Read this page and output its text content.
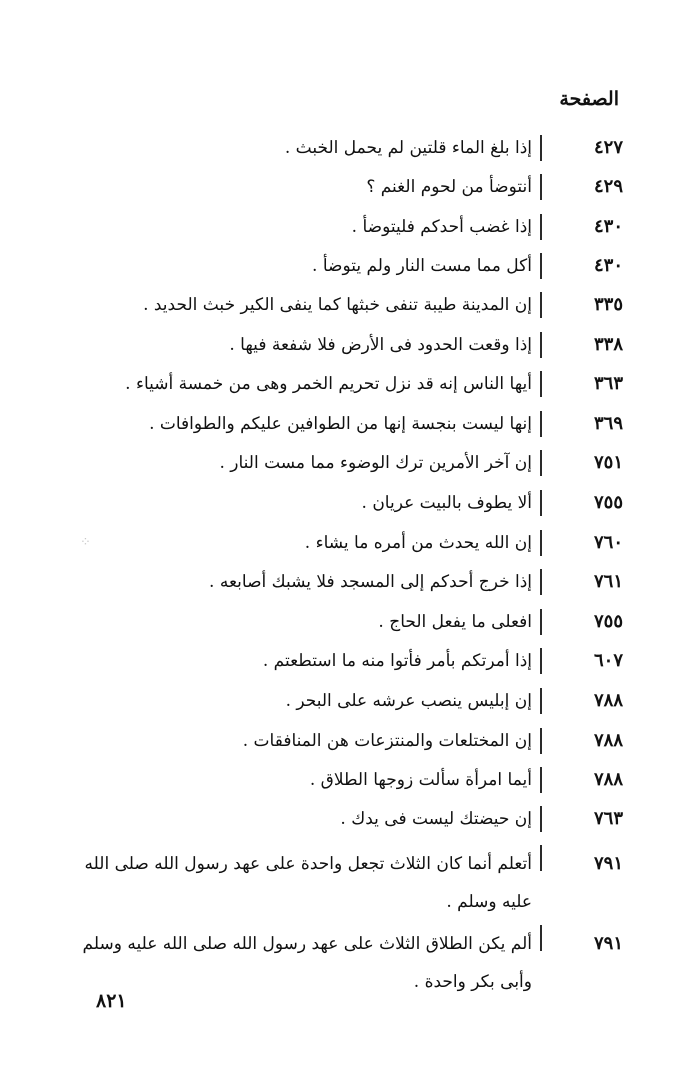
الصفحة
٤٢٧
إذا بلغ الماء قلتين لم يحمل الخبث .
٤٢٩
أنتوضأ من لحوم الغنم ؟
٤٣٠
إذا غضب أحدكم فليتوضأ .
٤٣٠
أكل مما مست النار ولم يتوضأ .
٣٣٥
إن المدينة طيبة تنفى خبثها كما ينفى الكير خبث الحديد .
٣٣٨
إذا وقعت الحدود فى الأرض فلا شفعة فيها .
٣٦٣
أيها الناس إنه قد نزل تحريم الخمر وهى من خمسة أشياء .
٣٦٩
إنها ليست بنجسة إنها من الطوافين عليكم والطوافات .
٧٥١
إن آخر الأمرين ترك الوضوء مما مست النار .
٧٥٥
ألا يطوف بالبيت عريان .
٧٦٠
إن الله يحدث من أمره ما يشاء .
٧٦١
إذا خرج أحدكم إلى المسجد فلا يشبك أصابعه .
٧٥٥
افعلى ما يفعل الحاج .
٦٠٧
إذا أمرتكم بأمر فأتوا منه ما استطعتم .
٧٨٨
إن إبليس ينصب عرشه على البحر .
٧٨٨
إن المختلعات والمنتزعات هن المنافقات .
٧٨٨
أيما امرأة سألت زوجها الطلاق .
٧٦٣
إن حيضتك ليست فى يدك .
٧٩١
أتعلم أنما كان الثلاث تجعل واحدة على عهد رسول الله صلى الله عليه وسلم .
٧٩١
ألم يكن الطلاق الثلاث على عهد رسول الله صلى الله عليه وسلم وأبى بكر واحدة .
⁘
٨٢١
